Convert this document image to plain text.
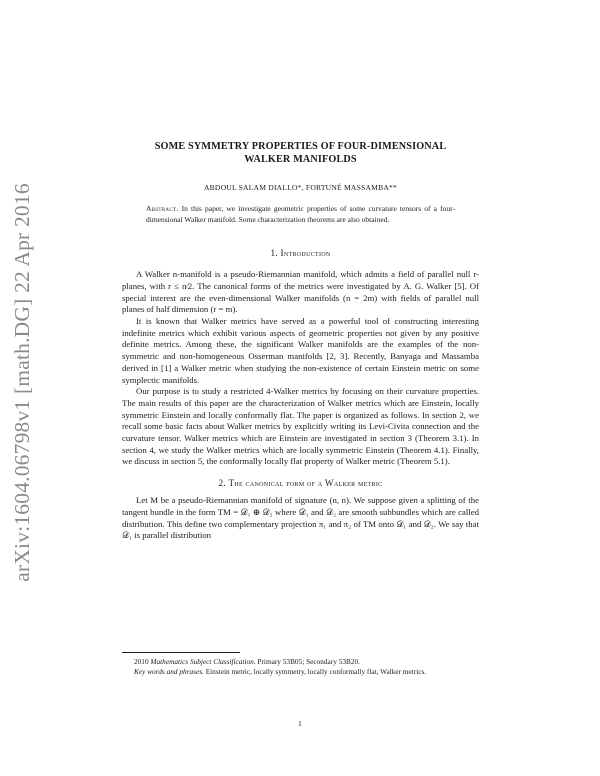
arXiv:1604.06798v1 [math.DG] 22 Apr 2016
SOME SYMMETRY PROPERTIES OF FOUR-DIMENSIONAL
WALKER MANIFOLDS
ABDOUL SALAM DIALLO*, FORTUNÉ MASSAMBA**
Abstract. In this paper, we investigate geometric properties of some curvature tensors of a four-dimensional Walker manifold. Some characterization theorems are also obtained.
1. Introduction

A Walker n-manifold is a pseudo-Riemannian manifold, which admits a field of parallel null r-planes, with r ≤ n⁄2. The canonical forms of the metrics were investigated by A. G. Walker [5]. Of special interest are the even-dimensional Walker manifolds (n = 2m) with fields of parallel null planes of half dimension (r = m).

It is known that Walker metrics have served as a powerful tool of constructing interesting indefinite metrics which exhibit various aspects of geometric properties not given by any positive definite metrics. Among these, the significant Walker manifolds are the examples of the non-symmetric and non-homogeneous Osserman manifolds [2, 3]. Recently, Banyaga and Massamba derived in [1] a Walker metric when studying the non-existence of certain Einstein metric on some symplectic manifolds.

Our purpose is to study a restricted 4-Walker metrics by focusing on their curvature properties. The main results of this paper are the characterization of Walker metrics which are Einstein, locally symmetric Einstein and locally conformally flat. The paper is organized as follows. In section 2, we recall some basic facts about Walker metrics by explicitly writing its Levi-Civita connection and the curvature tensor. Walker metrics which are Einstein are investigated in section 3 (Theorem 3.1). In section 4, we study the Walker metrics which are locally symmetric Einstein (Theorem 4.1). Finally, we discuss in section 5, the conformally locally flat property of Walker metric (Theorem 5.1).

2. The canonical form of a Walker metric

Let M be a pseudo-Riemannian manifold of signature (n, n). We suppose given a splitting of the tangent bundle in the form TM = 𝒟₁ ⊕ 𝒟₂ where 𝒟₁ and 𝒟₂ are smooth subbundles which are called distribution. This define two complementary projection π₁ and π₂ of TM onto 𝒟₁ and 𝒟₂. We say that 𝒟₁ is parallel distribution

2010 Mathematics Subject Classification. Primary 53B05; Secondary 53B20.
Key words and phrases. Einstein metric, locally symmetry, locally conformally flat, Walker metrics.
1
